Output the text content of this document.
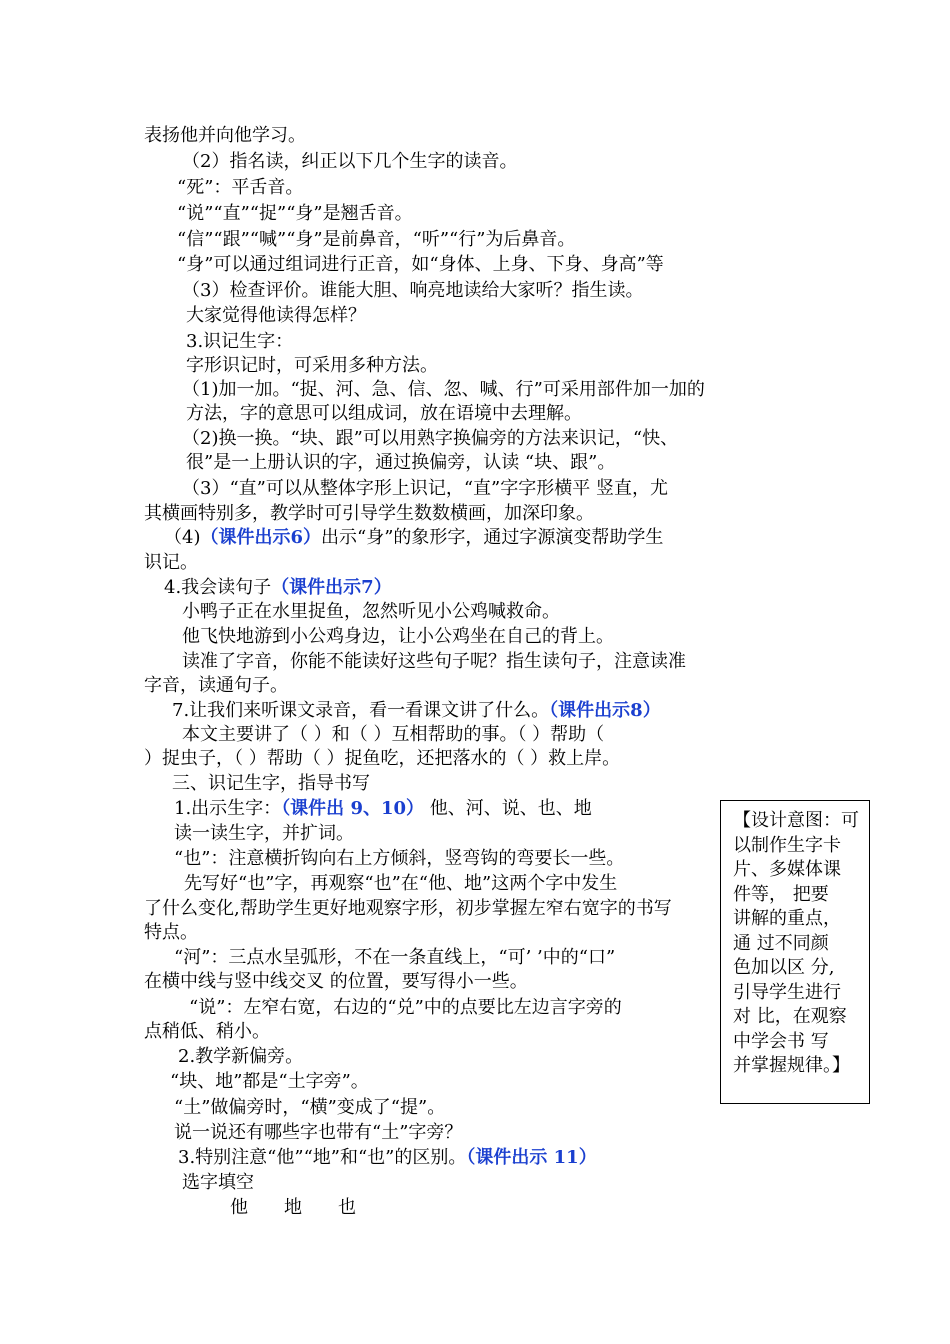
表扬他并向他学习。
（2）指名读，纠正以下几个生字的读音。
“死”：平舌音。
“说”“直”“捉”“身”是翘舌音。
“信”“跟”“喊”“身”是前鼻音，“听”“行”为后鼻音。
“身”可以通过组词进行正音，如“身体、上身、下身、身高”等
（3）检查评价。谁能大胆、响亮地读给大家听？指生读。
大家觉得他读得怎样？
3.识记生字：
字形识记时，可采用多种方法。
（1)加一加。“捉、河、急、信、忽、喊、行”可采用部件加一加的
方法，字的意思可以组成词，放在语境中去理解。
（2)换一换。“块、跟”可以用熟字换偏旁的方法来识记，“快、
很”是一上册认识的字，通过换偏旁，认读 “块、跟”。
（3）“直”可以从整体字形上识记，“直”字字形横平 竖直，尤
其横画特别多，教学时可引导学生数数横画，加深印象。
（4)（课件出示6）出示“身”的象形字，通过字源演变帮助学生
识记。
4.我会读句子（课件出示7）
小鸭子正在水里捉鱼，忽然听见小公鸡喊救命。
他飞快地游到小公鸡身边，让小公鸡坐在自己的背上。
读准了字音，你能不能读好这些句子呢？指生读句子，注意读准
字音，读通句子。
7.让我们来听课文录音，看一看课文讲了什么。（课件出示8）
本文主要讲了（ ）和（ ）互相帮助的事。（ ）帮助（
）捉虫子，（ ）帮助（ ）捉鱼吃，还把落水的（ ）救上岸。
三、识记生字，指导书写
1.出示生字：（课件出 9、10） 他、河、说、也、地
读一读生字，并扩词。
“也”：注意横折钩向右上方倾斜，竖弯钩的弯要长一些。
先写好“也”字，再观察“也”在“他、地”这两个字中发生
了什么变化,帮助学生更好地观察字形，初步掌握左窄右宽字的书写
特点。
“河”：三点水呈弧形，不在一条直线上，“可’ ’中的“口”
在横中线与竖中线交叉 的位置，要写得小一些。
“说”：左窄右宽，右边的“兑”中的点要比左边言字旁的
点稍低、稍小。
2.教学新偏旁。
“块、地”都是“土字旁”。
“土”做偏旁时，“横”变成了“提”。
说一说还有哪些字也带有“土”字旁？
3.特别注意“他”“地”和“也”的区别。（课件出示 11）
选字填空
他 地 也
【设计意图：可
以制作生字卡
片、多媒体课
件等， 把要
讲解的重点，
通 过不同颜
色加以区 分,
引导学生进行
对 比，在观察
中学会书 写
并掌握规律。】
